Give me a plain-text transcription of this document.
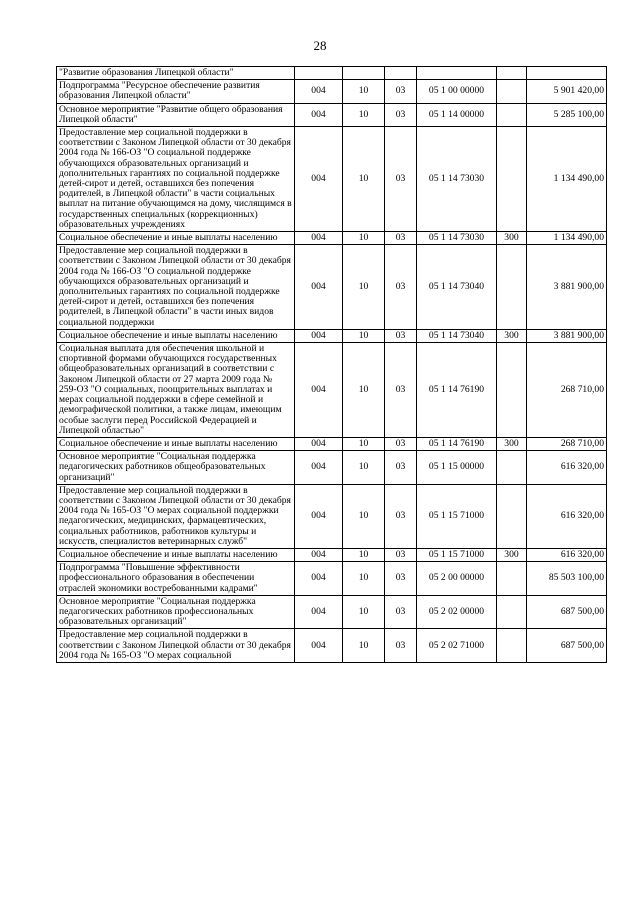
28
"Развитие образования Липецкой области"						
Подпрограмма "Ресурсное обеспечение развития образования Липецкой области"	004	10	03	05 1 00 00000		5 901 420,00
Основное мероприятие "Развитие общего образования Липецкой области"	004	10	03	05 1 14 00000		5 285 100,00
Предоставление мер социальной поддержки в соответствии с Законом Липецкой области от 30 декабря 2004 года № 166-ОЗ "О социальной поддержке обучающихся образовательных организаций и дополнительных гарантиях по социальной поддержке детей-сирот и детей, оставшихся без попечения родителей, в Липецкой области" в части социальных выплат на питание обучающимся на дому, числящимся в государственных специальных (коррекционных) образовательных учреждениях	004	10	03	05 1 14 73030		1 134 490,00
Социальное обеспечение и иные выплаты населению	004	10	03	05 1 14 73030	300	1 134 490,00
Предоставление мер социальной поддержки в соответствии с Законом Липецкой области от 30 декабря 2004 года № 166-ОЗ "О социальной поддержке обучающихся образовательных организаций и дополнительных гарантиях по социальной поддержке детей-сирот и детей, оставшихся без попечения родителей, в Липецкой области" в части иных видов социальной поддержки	004	10	03	05 1 14 73040		3 881 900,00
Социальное обеспечение и иные выплаты населению	004	10	03	05 1 14 73040	300	3 881 900,00
Социальная выплата для обеспечения школьной и спортивной формами обучающихся государственных общеобразовательных организаций в соответствии с Законом Липецкой области от 27 марта 2009 года № 259-ОЗ "О социальных, поощрительных выплатах и мерах социальной поддержки в сфере семейной и демографической политики, а также лицам, имеющим особые заслуги перед Российской Федерацией и Липецкой областью"	004	10	03	05 1 14 76190		268 710,00
Социальное обеспечение и иные выплаты населению	004	10	03	05 1 14 76190	300	268 710,00
Основное мероприятие "Социальная поддержка педагогических работников общеобразовательных организаций"	004	10	03	05 1 15 00000		616 320,00
Предоставление мер социальной поддержки в соответствии с Законом Липецкой области от 30 декабря 2004 года № 165-ОЗ "О мерах социальной поддержки педагогических, медицинских, фармацевтических, социальных работников, работников культуры и искусств, специалистов ветеринарных служб"	004	10	03	05 1 15 71000		616 320,00
Социальное обеспечение и иные выплаты населению	004	10	03	05 1 15 71000	300	616 320,00
Подпрограмма "Повышение эффективности профессионального образования в обеспечении отраслей экономики востребованными кадрами"	004	10	03	05 2 00 00000		85 503 100,00
Основное мероприятие "Социальная поддержка педагогических работников профессиональных образовательных организаций"	004	10	03	05 2 02 00000		687 500,00
Предоставление мер социальной поддержки в соответствии с Законом Липецкой области от 30 декабря 2004 года № 165-ОЗ "О мерах социальной	004	10	03	05 2 02 71000		687 500,00
